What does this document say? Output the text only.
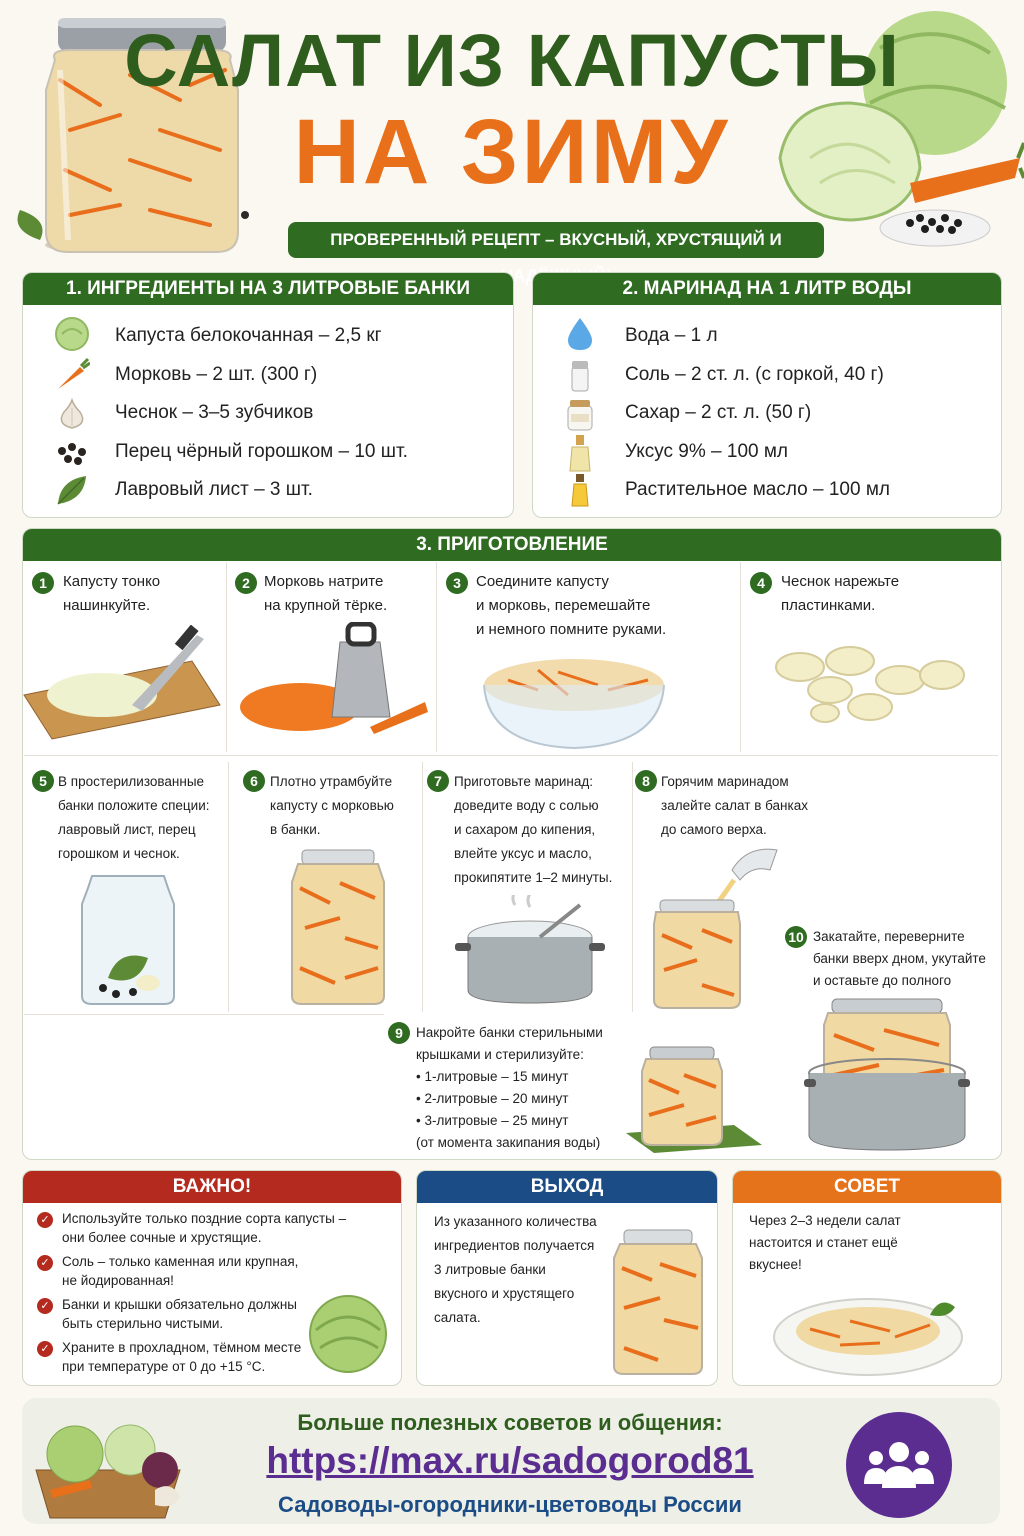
САЛАТ ИЗ КАПУСТЫ
НА ЗИМУ
ПРОВЕРЕННЫЙ РЕЦЕПТ – ВКУСНЫЙ, ХРУСТЯЩИЙ И
1. ИНГРЕДИЕНТЫ НА 3 ЛИТРОВЫЕ БАНКИ
Капуста белокочанная – 2,5 кг
Морковь – 2 шт. (300 г)
Чеснок – 3–5 зубчиков
Перец чёрный горошком – 10 шт.
Лавровый лист – 3 шт.
2. МАРИНАД НА 1 ЛИТР ВОДЫ
Вода – 1 л
Соль – 2 ст. л. (с горкой, 40 г)
Сахар – 2 ст. л. (50 г)
Уксус 9% – 100 мл
Растительное масло – 100 мл
3. ПРИГОТОВЛЕНИЕ
1	Капусту тонко
нашинкуйте.
2 Морковь натрите
на крупной тёрке.
3	Соедините капусту
и морковь, перемешайте
и немного помните руками.
4	Чеснок нарежьте
пластинками.
5 В простерилизованные
банки положите специи:
лавровый лист, перец
горошком и чеснок.
6 Плотно утрамбуйте
капусту с морковью
в банки.
7 Приготовьте маринад:
доведите воду с солью
и сахаром до кипения,
влейте уксус и масло,
прокипятите 1–2 минуты.
8 Горячим маринадом
залейте салат в банках
до самого верха.
9 Накройте банки стерильными
крышками и стерилизуйте:
• 1-литровые – 15 минут
• 2-литровые – 20 минут
• 3-литровые – 25 минут
(от момента закипания воды)
10 Закатайте, переверните
банки вверх дном, укутайте
и оставьте до полного
ВАЖНО!
✓ Используйте только поздние сорта капусты –
они более сочные и хрустящие.
✓ Соль – только каменная или крупная,
не йодированная!
✓ Банки и крышки обязательно должны
быть стерильно чистыми.
✓ Храните в прохладном, тёмном месте
при температуре от 0 до +15 °С.
ВЫХОД
Из указанного количества
ингредиентов получается
3 литровые банки
вкусного и хрустящего
салата.
СОВЕТ
Через 2–3 недели салат
настоится и станет ещё
вкуснее!
Больше полезных советов и общения:
https://max.ru/sadogorod81
Садоводы-огородники-цветоводы России
